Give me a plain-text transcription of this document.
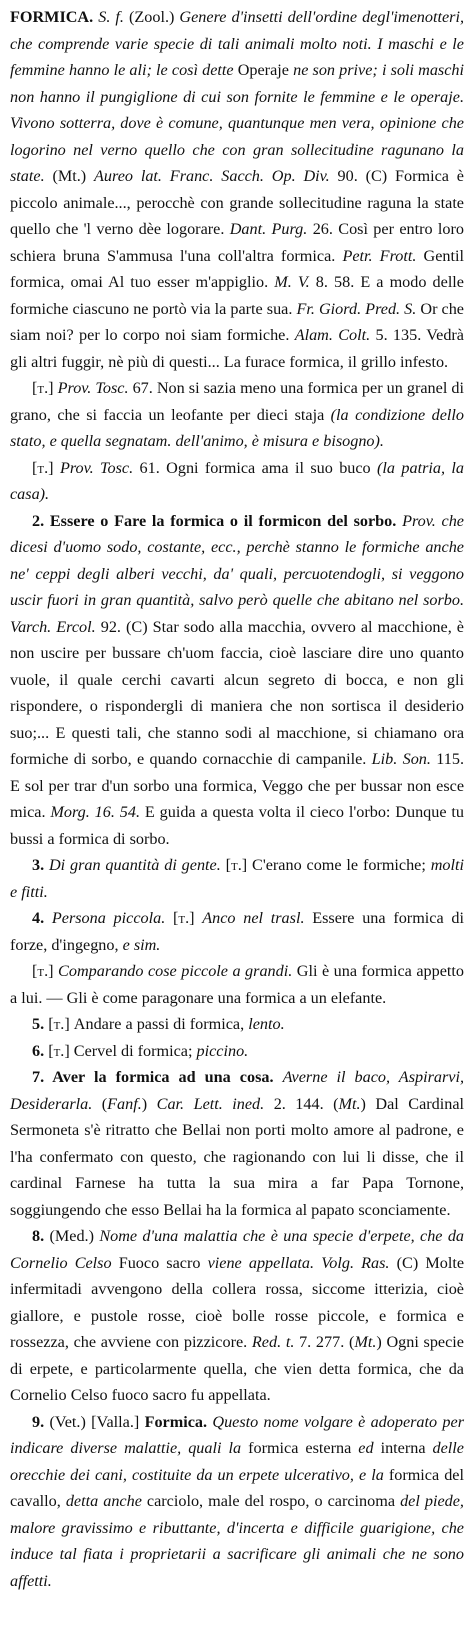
FORMICA. S. f. (Zool.) Genere d'insetti dell'ordine degl'imenotteri, che comprende varie specie di tali animali molto noti. I maschi e le femmine hanno le ali; le così dette Operaje ne son prive; i soli maschi non hanno il pungiglione di cui son fornite le femmine e le operaje. Vivono sotterra, dove è comune, quantunque men vera, opinione che logorino nel verno quello che con gran sollecitudine ragunano la state. (Mt.) Aureo lat. Franc. Sacch. Op. Div. 90. (C) Formica è piccolo animale..., perocchè con grande sollecitudine raguna la state quello che 'l verno dèe logorare. Dant. Purg. 26. Così per entro loro schiera bruna S'ammusa l'una coll'altra formica. Petr. Frott. Gentil formica, omai Al tuo esser m'appiglio. M. V. 8. 58. E a modo delle formiche ciascuno ne portò via la parte sua. Fr. Giord. Pred. S. Or che siam noi? per lo corpo noi siam formiche. Alam. Colt. 5. 135. Vedrà gli altri fuggir, nè più di questi... La furace formica, il grillo infesto.

[t.] Prov. Tosc. 67. Non si sazia meno una formica per un granel di grano, che si faccia un leofante per dieci staja (la condizione dello stato, e quella segnatam. dell'animo, è misura e bisogno).

[t.] Prov. Tosc. 61. Ogni formica ama il suo buco (la patria, la casa).

2. Essere o Fare la formica o il formicon del sorbo. Prov. che dicesi d'uomo sodo, costante, ecc., perchè stanno le formiche anche ne' ceppi degli alberi vecchi, da' quali, percuotendogli, si veggono uscir fuori in gran quantità, salvo però quelle che abitano nel sorbo. Varch. Ercol. 92. (C) Star sodo alla macchia, ovvero al macchione, è non uscire per bussare ch'uom faccia, cioè lasciare dire uno quanto vuole, il quale cerchi cavarti alcun segreto di bocca, e non gli rispondere, o rispondergli di maniera che non sortisca il desiderio suo;... E questi tali, che stanno sodi al macchione, si chiamano ora formiche di sorbo, e quando cornacchie di campanile. Lib. Son. 115. E sol per trar d'un sorbo una formica, Veggo che per bussar non esce mica. Morg. 16. 54. E guida a questa volta il cieco l'orbo: Dunque tu bussi a formica di sorbo.

3. Di gran quantità di gente. [t.] C'erano come le formiche; molti e fitti.

4. Persona piccola. [t.] Anco nel trasl. Essere una formica di forze, d'ingegno, e sim.

[t.] Comparando cose piccole a grandi. Gli è una formica appetto a lui. — Gli è come paragonare una formica a un elefante.

5. [t.] Andare a passi di formica, lento.

6. [t.] Cervel di formica; piccino.

7. Aver la formica ad una cosa. Averne il baco, Aspirarvi, Desiderarla. (Fanf.) Car. Lett. ined. 2. 144. (Mt.) Dal Cardinal Sermoneta s'è ritratto che Bellai non porti molto amore al padrone, e l'ha confermato con questo, che ragionando con lui li disse, che il cardinal Farnese ha tutta la sua mira a far Papa Tornone, soggiungendo che esso Bellai ha la formica al papato sconciamente.

8. (Med.) Nome d'una malattia che è una specie d'erpete, che da Cornelio Celso Fuoco sacro viene appellata. Volg. Ras. (C) Molte infermitadi avvengono della collera rossa, siccome itterizia, cioè giallore, e pustole rosse, cioè bolle rosse piccole, e formica e rossezza, che avviene con pizzicore. Red. t. 7. 277. (Mt.) Ogni specie di erpete, e particolarmente quella, che vien detta formica, che da Cornelio Celso fuoco sacro fu appellata.

9. (Vet.) [Valla.] Formica. Questo nome volgare è adoperato per indicare diverse malattie, quali la formica esterna ed interna delle orecchie dei cani, costituite da un erpete ulcerativo, e la formica del cavallo, detta anche carciolo, male del rospo, o carcinoma del piede, malore gravissimo e ributtante, d'incerta e difficile guarigione, che induce tal fiata i proprietarii a sacrificare gli animali che ne sono affetti.
